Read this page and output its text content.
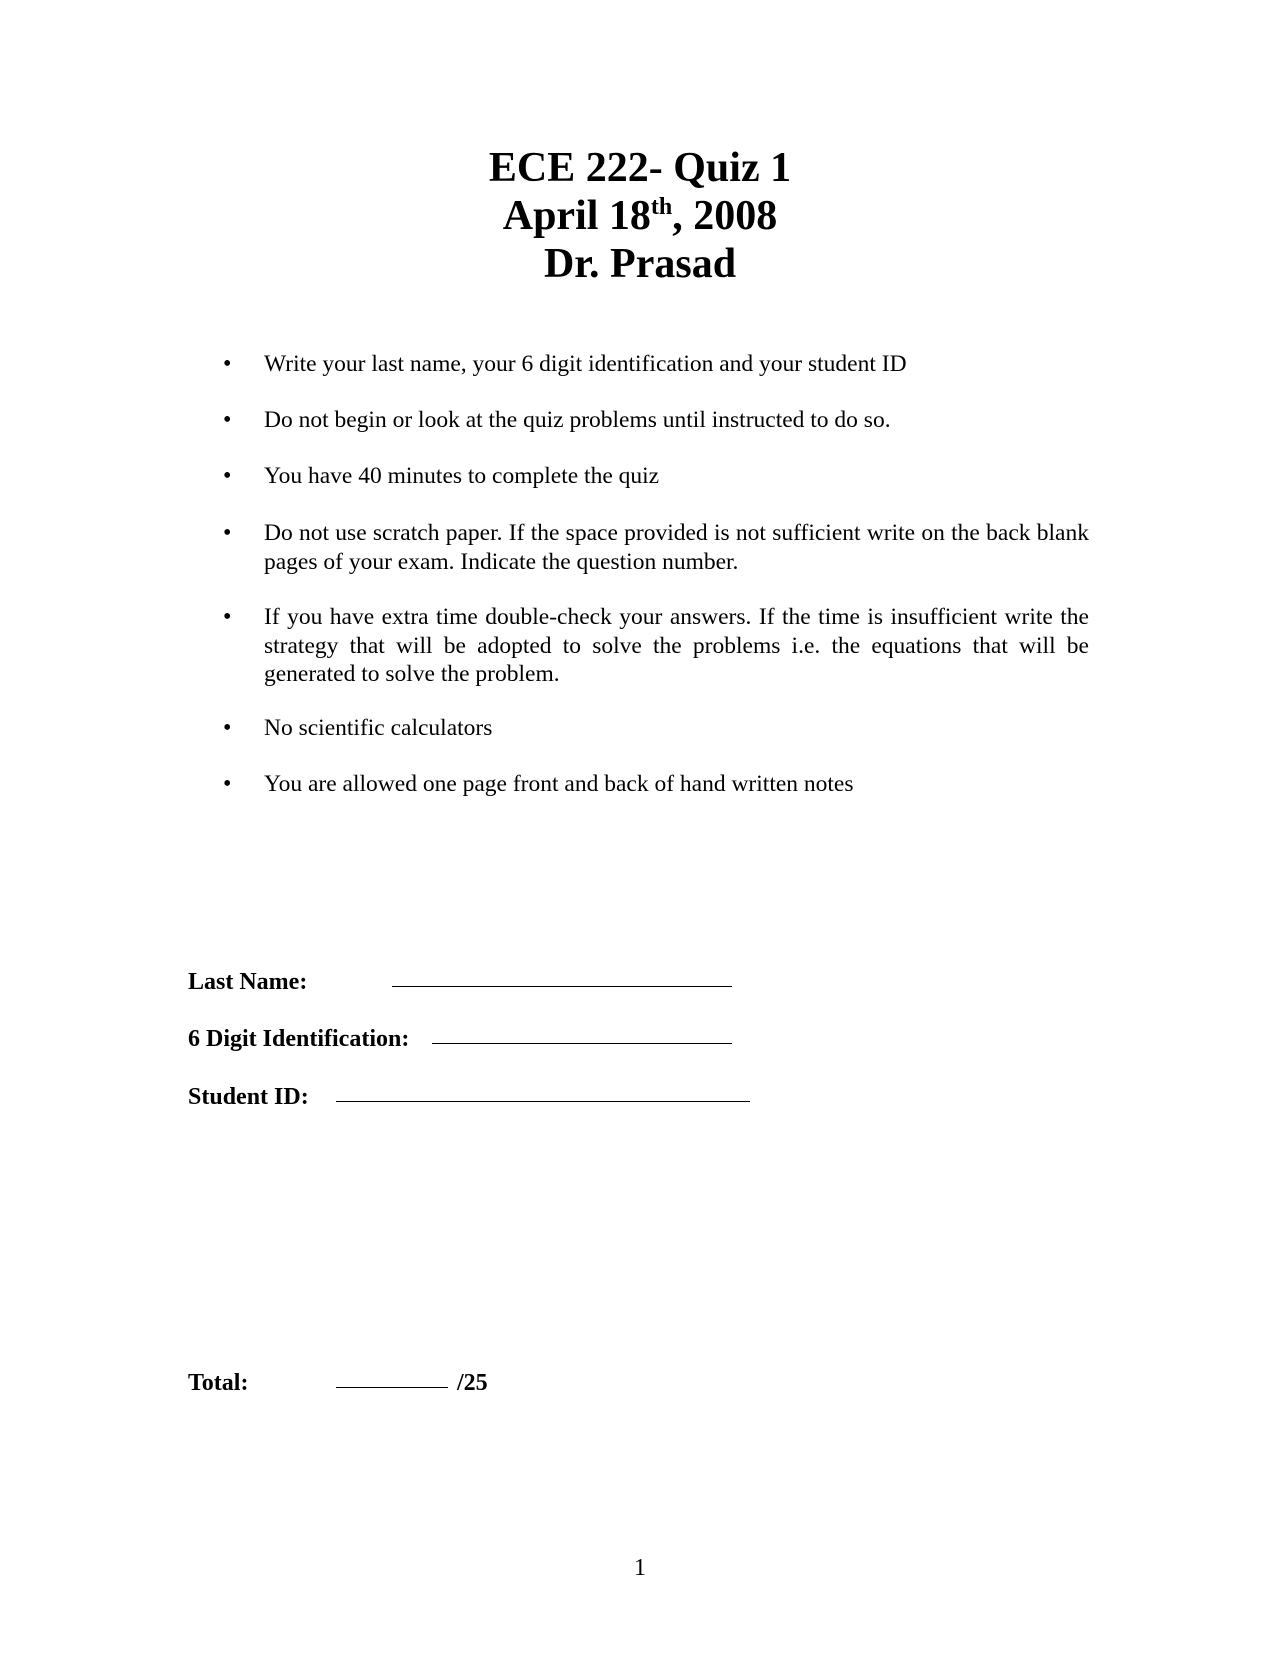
ECE 222- Quiz 1
April 18th, 2008
Dr. Prasad
• Write your last name, your 6 digit identification and your student ID
• Do not begin or look at the quiz problems until instructed to do so.
• You have 40 minutes to complete the quiz
• Do not use scratch paper. If the space provided is not sufficient write on the back blank pages of your exam. Indicate the question number.
• If you have extra time double-check your answers. If the time is insufficient write the strategy that will be adopted to solve the problems i.e. the equations that will be generated to solve the problem.
• No scientific calculators
• You are allowed one page front and back of hand written notes
Last Name:
6 Digit Identification:
Student ID:
Total:	/25
1
